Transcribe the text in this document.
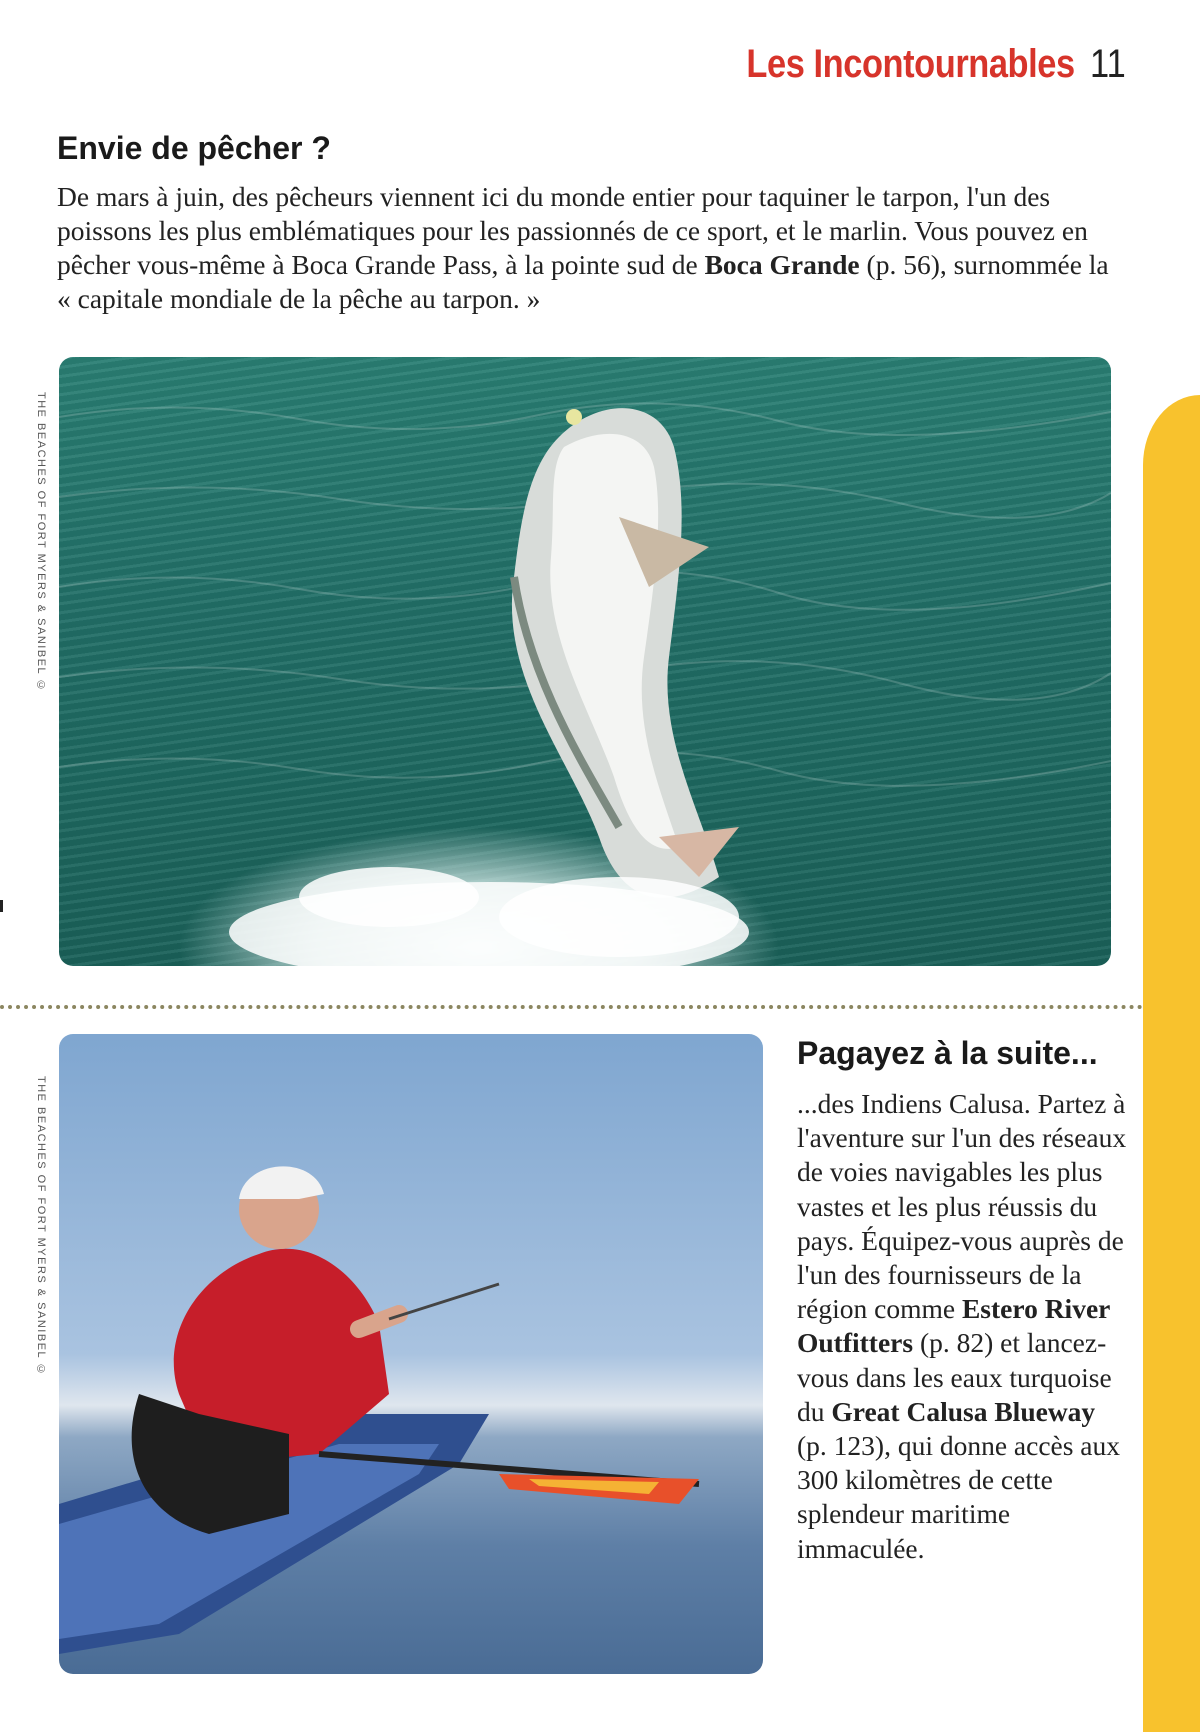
Les Incontournables 11
Envie de pêcher ?

De mars à juin, des pêcheurs viennent ici du monde entier pour taquiner le tarpon, l'un des poissons les plus emblématiques pour les passionnés de ce sport, et le marlin. Vous pouvez en pêcher vous-même à Boca Grande Pass, à la pointe sud de Boca Grande (p. 56), surnommée la « capitale mondiale de la pêche au tarpon. »

THE BEACHES OF FORT MYERS & SANIBEL ©
THE BEACHES OF FORT MYERS & SANIBEL ©
Pagayez à la suite...

...des Indiens Calusa. Partez à l'aventure sur l'un des réseaux de voies navigables les plus vastes et les plus réussis du pays. Équipez-vous auprès de l'un des fournisseurs de la région comme Estero River Outfitters (p. 82) et lancez-vous dans les eaux turquoise du Great Calusa Blueway (p. 123), qui donne accès aux 300 kilomètres de cette splendeur maritime immaculée.
